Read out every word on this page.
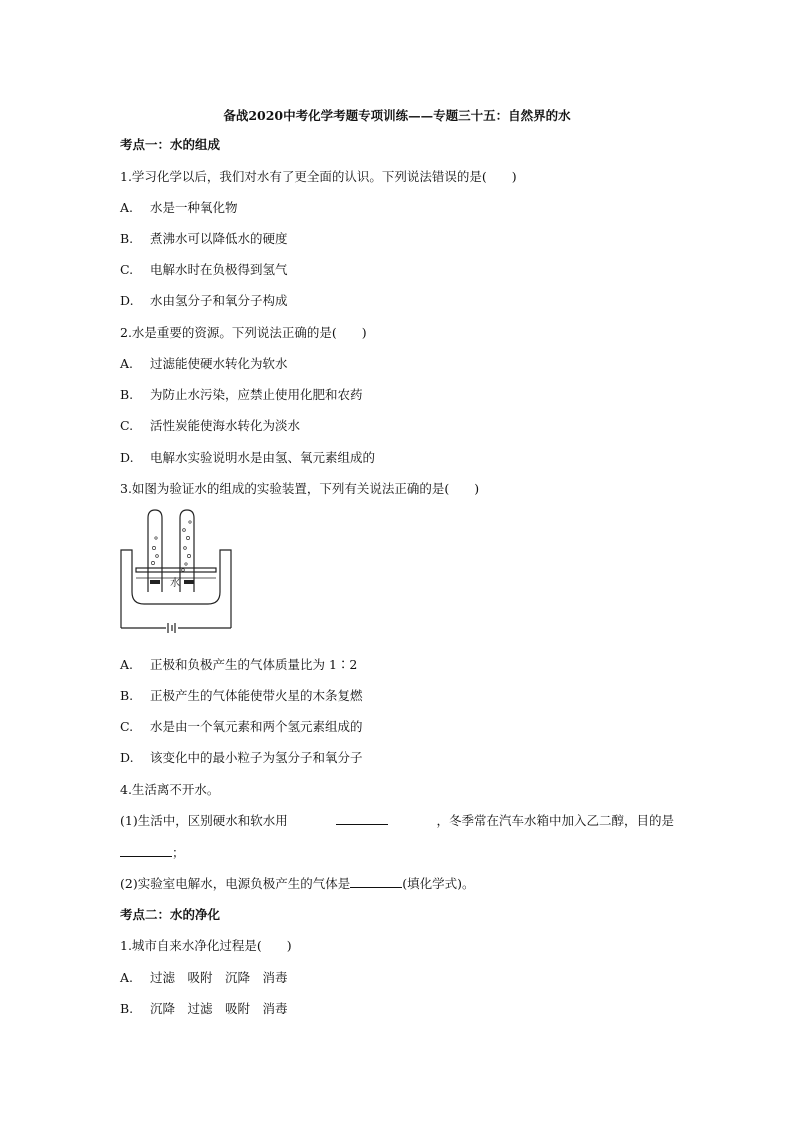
备战2020中考化学考题专项训练——专题三十五：自然界的水
考点一：水的组成
1.学习化学以后，我们对水有了更全面的认识。下列说法错误的是(　　)
A. 水是一种氧化物
B. 煮沸水可以降低水的硬度
C. 电解水时在负极得到氢气
D. 水由氢分子和氧分子构成
2.水是重要的资源。下列说法正确的是(　　)
A. 过滤能使硬水转化为软水
B. 为防止水污染，应禁止使用化肥和农药
C. 活性炭能使海水转化为淡水
D. 电解水实验说明水是由氢、氧元素组成的
3.如图为验证水的组成的实验装置，下列有关说法正确的是(　　)
水
A. 正极和负极产生的气体质量比为 1∶2
B. 正极产生的气体能使带火星的木条复燃
C. 水是由一个氧元素和两个氢元素组成的
D. 该变化中的最小粒子为氢分子和氧分子
4.生活离不开水。
(1)生活中，区别硬水和软水用	，冬季常在汽车水箱中加入乙二醇，目的是
；
(2)实验室电解水，电源负极产生的气体是	(填化学式)。
考点二：水的净化
1.城市自来水净化过程是(　　)
A. 过滤　吸附　沉降　消毒
B. 沉降　过滤　吸附　消毒
